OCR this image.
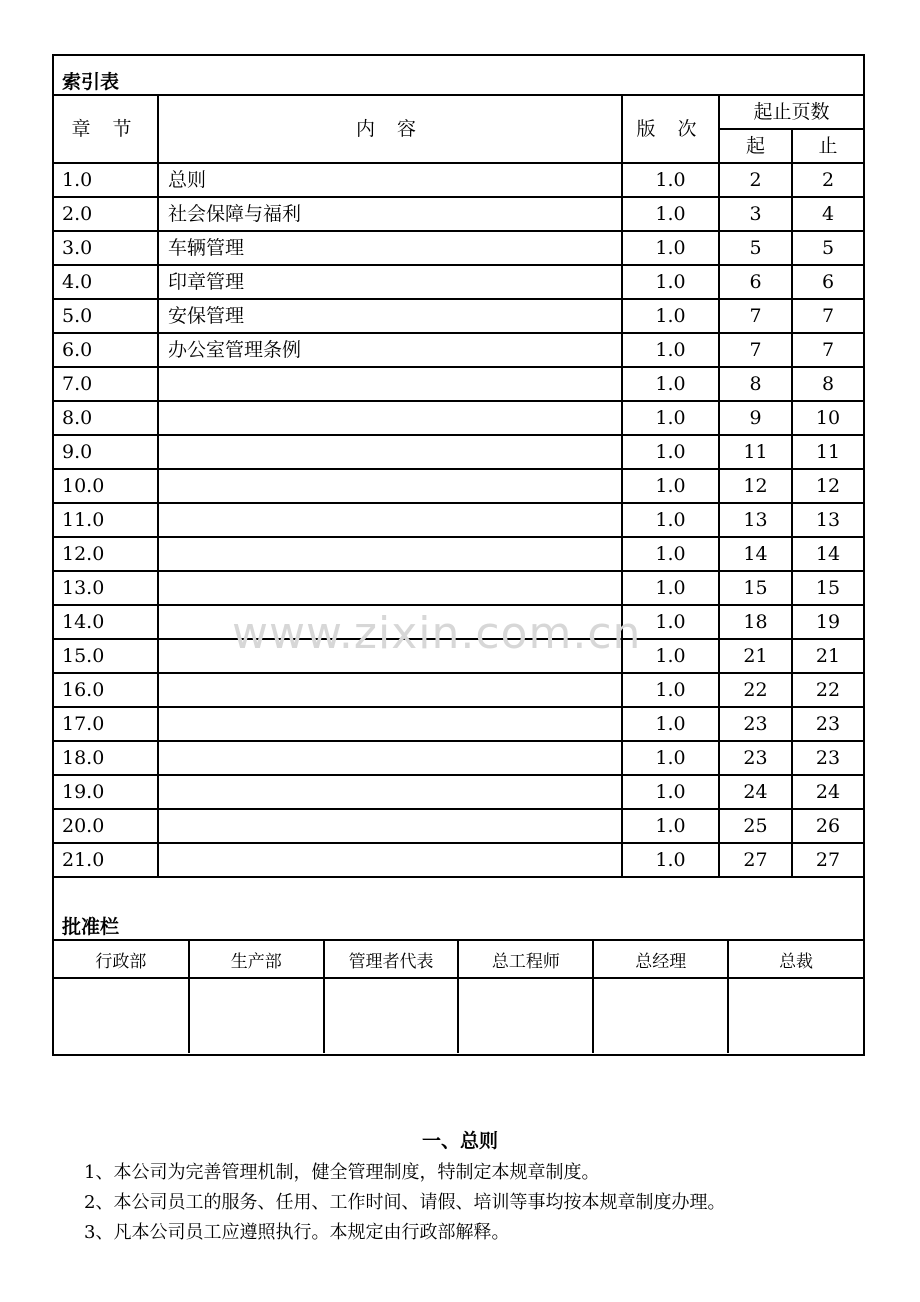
索引表
章 节	内 容	版 次	起止页数	
			起	止
1.0	总则	1.0	2	2
2.0	社会保障与福利	1.0	3	4
3.0	车辆管理	1.0	5	5
4.0	印章管理	1.0	6	6
5.0	安保管理	1.0	7	7
6.0	办公室管理条例	1.0	7	7
7.0		1.0	8	8
8.0		1.0	9	10
9.0		1.0	11	11
10.0		1.0	12	12
11.0		1.0	13	13
12.0		1.0	14	14
13.0		1.0	15	15
14.0		1.0	18	19
15.0		1.0	21	21
16.0		1.0	22	22
17.0		1.0	23	23
18.0		1.0	23	23
19.0		1.0	24	24
20.0		1.0	25	26
21.0		1.0	27	27
批准栏
行政部	生产部	管理者代表	总工程师	总经理	总裁

www.zixin.com.cn
一、总则
1、本公司为完善管理机制，健全管理制度，特制定本规章制度。
2、本公司员工的服务、任用、工作时间、请假、培训等事均按本规章制度办理。
3、凡本公司员工应遵照执行。本规定由行政部解释。
